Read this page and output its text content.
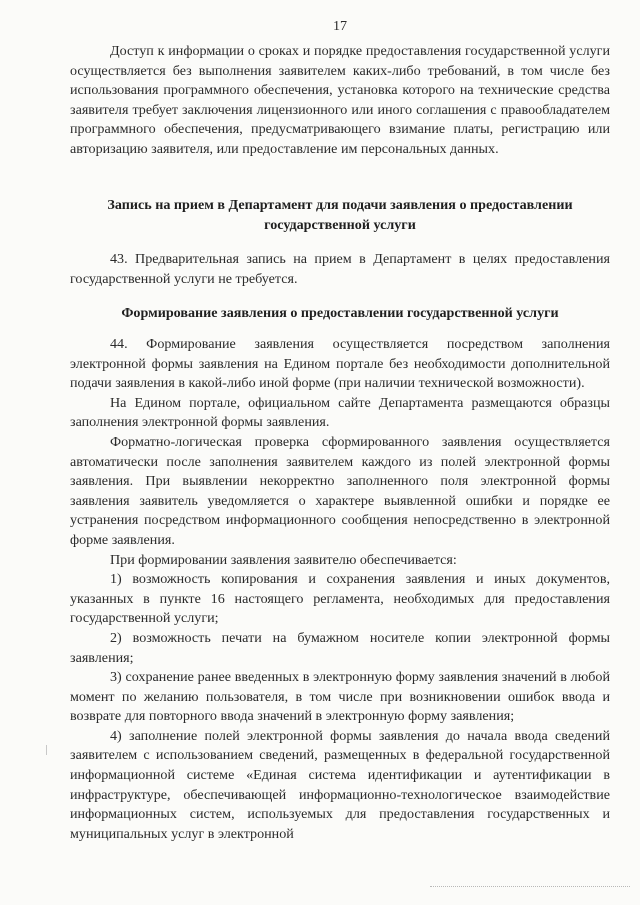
17

Доступ к информации о сроках и порядке предоставления государственной услуги осуществляется без выполнения заявителем каких-либо требований, в том числе без использования программного обеспечения, установка которого на технические средства заявителя требует заключения лицензионного или иного соглашения с правообладателем программного обеспечения, предусматривающего взимание платы, регистрацию или авторизацию заявителя, или предоставление им персональных данных.

Запись на прием в Департамент для подачи заявления о предоставлении государственной услуги

43. Предварительная запись на прием в Департамент в целях предоставления государственной услуги не требуется.

Формирование заявления о предоставлении государственной услуги

44. Формирование заявления осуществляется посредством заполнения электронной формы заявления на Едином портале без необходимости дополнительной подачи заявления в какой-либо иной форме (при наличии технической возможности).

На Едином портале, официальном сайте Департамента размещаются образцы заполнения электронной формы заявления.

Форматно-логическая проверка сформированного заявления осуществляется автоматически после заполнения заявителем каждого из полей электронной формы заявления. При выявлении некорректно заполненного поля электронной формы заявления заявитель уведомляется о характере выявленной ошибки и порядке ее устранения посредством информационного сообщения непосредственно в электронной форме заявления.

При формировании заявления заявителю обеспечивается:

1) возможность копирования и сохранения заявления и иных документов, указанных в пункте 16 настоящего регламента, необходимых для предоставления государственной услуги;

2) возможность печати на бумажном носителе копии электронной формы заявления;

3) сохранение ранее введенных в электронную форму заявления значений в любой момент по желанию пользователя, в том числе при возникновении ошибок ввода и возврате для повторного ввода значений в электронную форму заявления;

4) заполнение полей электронной формы заявления до начала ввода сведений заявителем с использованием сведений, размещенных в федеральной государственной информационной системе «Единая система идентификации и аутентификации в инфраструктуре, обеспечивающей информационно-технологическое взаимодействие информационных систем, используемых для предоставления государственных и муниципальных услуг в электронной
